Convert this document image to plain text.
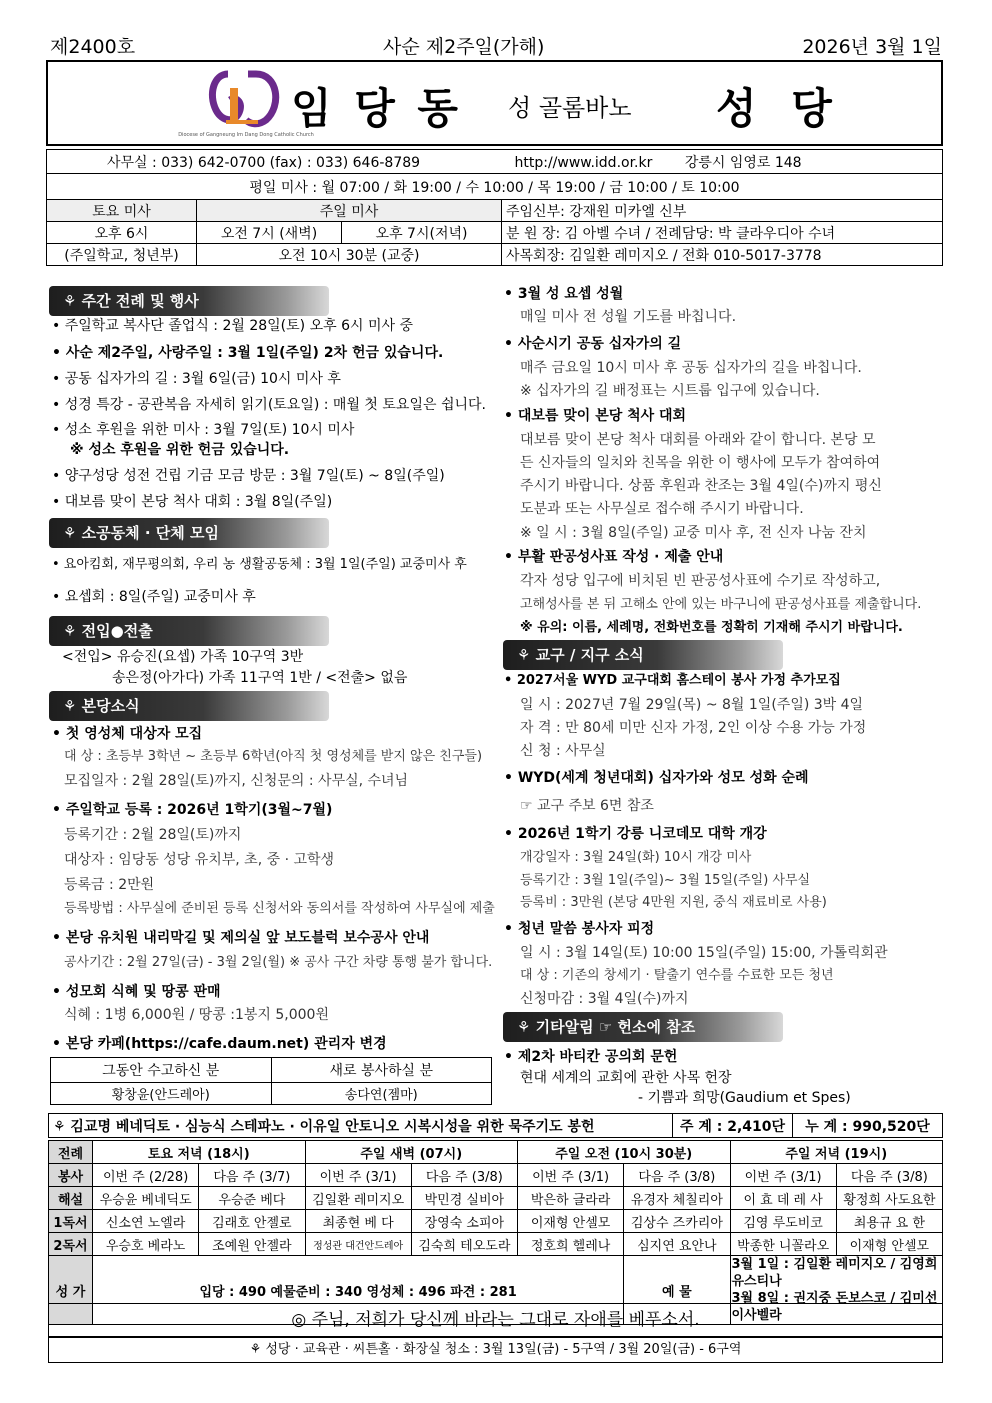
제2400호	사순 제2주일(가해)	2026년 3월 1일
Diocese of Gangneung Im Dang Dong Catholic Church
임 당 동 성 골롬바노 성 당
사무실 : 033) 642-0700 (fax) : 033) 646-8789 http://www.idd.or.kr 강릉시 임영로 148			
평일 미사 : 월 07:00 / 화 19:00 / 수 10:00 / 목 19:00 / 금 10:00 / 토 10:00			
토요 미사	주일 미사		주임신부: 강재원 미카엘 신부
오후 6시	오전 7시 (새벽)	오후 7시(저녁)	분 원 장: 김 아벨 수녀 / 전례담당: 박 클라우디아 수녀
(주일학교, 청년부)	오전 10시 30분 (교중)		사목회장: 김일환 레미지오 / 전화 010-5017-3778
⚘ 주간 전례 및 행사
• 주일학교 복사단 졸업식 : 2월 28일(토) 오후 6시 미사 중
• 사순 제2주일, 사랑주일 : 3월 1일(주일) 2차 헌금 있습니다.
• 공동 십자가의 길 : 3월 6일(금) 10시 미사 후
• 성경 특강 - 공관복음 자세히 읽기(토요일) : 매월 첫 토요일은 쉽니다.
• 성소 후원을 위한 미사 : 3월 7일(토) 10시 미사
※ 성소 후원을 위한 헌금 있습니다.
• 양구성당 성전 건립 기금 모금 방문 : 3월 7일(토) ~ 8일(주일)
• 대보름 맞이 본당 척사 대회 : 3월 8일(주일)
⚘ 소공동체 · 단체 모임
• 요아킴회, 재무평의회, 우리 농 생활공동체 : 3월 1일(주일) 교중미사 후
• 요셉회 : 8일(주일) 교중미사 후
⚘ 전입●전출
<전입> 유승진(요셉) 가족 10구역 3반
송은정(아가다) 가족 11구역 1반 / <전출> 없음
⚘ 본당소식
• 첫 영성체 대상자 모집
대 상 : 초등부 3학년 ~ 초등부 6학년(아직 첫 영성체를 받지 않은 친구들)
모집일자 : 2월 28일(토)까지, 신청문의 : 사무실, 수녀님
• 주일학교 등록 : 2026년 1학기(3월~7월)
등록기간 : 2월 28일(토)까지
대상자 : 임당동 성당 유치부, 초, 중 · 고학생
등록금 : 2만원
등록방법 : 사무실에 준비된 등록 신청서와 동의서를 작성하여 사무실에 제출
• 본당 유치원 내리막길 및 제의실 앞 보도블럭 보수공사 안내
공사기간 : 2월 27일(금) - 3월 2일(월) ※ 공사 구간 차량 통행 불가 합니다.
• 성모회 식혜 및 땅콩 판매
식혜 : 1병 6,000원 / 땅콩 :1봉지 5,000원
• 본당 카페(https://cafe.daum.net) 관리자 변경
그동안 수고하신 분	새로 봉사하실 분
황창윤(안드레아)	송다연(젬마)
• 3월 성 요셉 성월
매일 미사 전 성월 기도를 바칩니다.
• 사순시기 공동 십자가의 길
매주 금요일 10시 미사 후 공동 십자가의 길을 바칩니다.
※ 십자가의 길 배정표는 시트룹 입구에 있습니다.
• 대보름 맞이 본당 척사 대회
대보름 맞이 본당 척사 대회를 아래와 같이 합니다. 본당 모
든 신자들의 일치와 친목을 위한 이 행사에 모두가 참여하여
주시기 바랍니다. 상품 후원과 찬조는 3월 4일(수)까지 평신
도분과 또는 사무실로 접수해 주시기 바랍니다.
※ 일 시 : 3월 8일(주일) 교중 미사 후, 전 신자 나눔 잔치
• 부활 판공성사표 작성 · 제출 안내
각자 성당 입구에 비치된 빈 판공성사표에 수기로 작성하고,
고해성사를 본 뒤 고해소 안에 있는 바구니에 판공성사표를 제출합니다.
※ 유의: 이름, 세례명, 전화번호를 정확히 기재해 주시기 바랍니다.
⚘ 교구 / 지구 소식
• 2027서울 WYD 교구대회 홈스테이 봉사 가정 추가모집
일 시 : 2027년 7월 29일(목) ~ 8월 1일(주일) 3박 4일
자 격 : 만 80세 미만 신자 가정, 2인 이상 수용 가능 가정
신 청 : 사무실
• WYD(세계 청년대회) 십자가와 성모 성화 순례
☞ 교구 주보 6면 참조
• 2026년 1학기 강릉 니코데모 대학 개강
개강일자 : 3월 24일(화) 10시 개강 미사
등록기간 : 3월 1일(주일)~ 3월 15일(주일) 사무실
등록비 : 3만원 (본당 4만원 지원, 중식 재료비로 사용)
• 청년 말씀 봉사자 피정
일 시 : 3월 14일(토) 10:00 15일(주일) 15:00, 가톨릭회관
대 상 : 기존의 창세기 · 탈출기 연수를 수료한 모든 청년
신청마감 : 3월 4일(수)까지
⚘ 기타알림 ☞ 헌소에 참조
• 제2차 바티칸 공의회 문헌
현대 세계의 교회에 관한 사목 헌장
- 기쁨과 희망(Gaudium et Spes)
⚘ 김교명 베네딕토 · 심능식 스테파노 · 이유일 안토니오 시복시성을 위한 묵주기도 봉헌	주 계 : 2,410단	누 계 : 990,520단
전례	토요 저녁 (18시)		주일 새벽 (07시)		주일 오전 (10시 30분)		주일 저녁 (19시)	
봉사	이번 주 (2/28)	다음 주 (3/7)	이번 주 (3/1)	다음 주 (3/8)	이번 주 (3/1)	다음 주 (3/8)	이번 주 (3/1)	다음 주 (3/8)
해설	우승윤 베네딕도	우승준 베다	김일환 레미지오	박민경 실비아	박은하 글라라	유경자 체칠리아	이 효 데 레 사	황정희 사도요한
1독서	신소연 노엘라	김래호 안젤로	최종현 베 다	장영숙 소피아	이재형 안셀모	김상수 즈카리아	김영 루도비코	최용규 요 한
2독서	우승호 베라노	조예원 안젤라	정성관 대건안드레아	김숙희 테오도라	정호희 헬레나	심지연 요안나	박종한 니꼴라오	이재형 안셀모
성 가	입당 : 490 예물준비 : 340 영성체 : 496 파견 : 281					예 물	3월 1일 : 김일환 레미지오 / 김영희 유스티나
3월 8일 : 권지중 돈보스코 / 김미선 이사벨라	
◎ 주님, 저희가 당신께 바라는 그대로 자애를 베푸소서.
⚘ 성당 · 교육관 · 씨튼홀 · 화장실 청소 : 3월 13일(금) - 5구역 / 3월 20일(금) - 6구역
